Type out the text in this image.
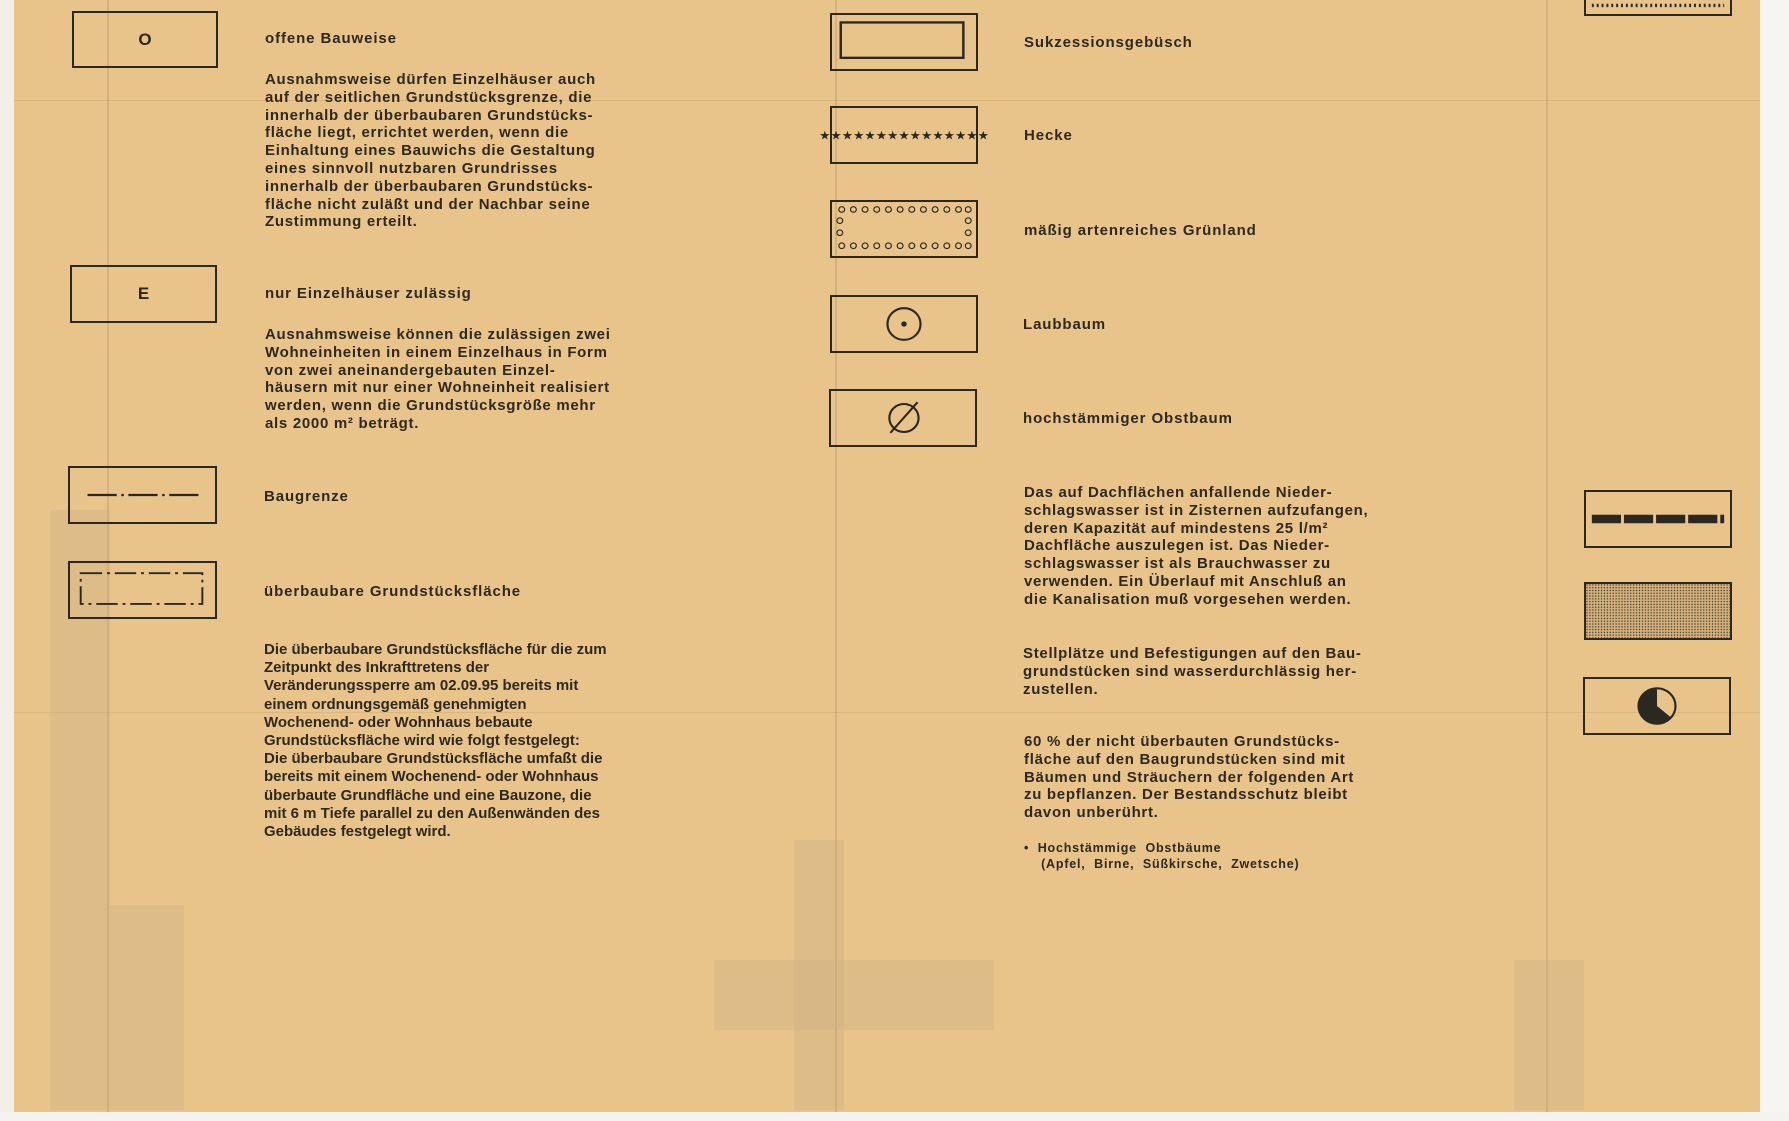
O	offene Bauweise
Ausnahmsweise dürfen Einzelhäuser auch
auf der seitlichen Grundstücksgrenze, die
innerhalb der überbaubaren Grundstücks-
fläche liegt, errichtet werden, wenn die
Einhaltung eines Bauwichs die Gestaltung
eines sinnvoll nutzbaren Grundrisses
innerhalb der überbaubaren Grundstücks-
fläche nicht zuläßt und der Nachbar seine
Zustimmung erteilt.
E	nur Einzelhäuser zulässig
Ausnahmsweise können die zulässigen zwei
Wohneinheiten in einem Einzelhaus in Form
von zwei aneinandergebauten Einzel-
häusern mit nur einer Wohneinheit realisiert
werden, wenn die Grundstücksgröße mehr
als 2000 m² beträgt.
Baugrenze
überbaubare Grundstücksfläche
Die überbaubare Grundstücksfläche für die zum
Zeitpunkt des Inkrafttretens der
Veränderungssperre am 02.09.95 bereits mit
einem ordnungsgemäß genehmigten
Wochenend- oder Wohnhaus bebaute
Grundstücksfläche wird wie folgt festgelegt:
Die überbaubare Grundstücksfläche umfaßt die
bereits mit einem Wochenend- oder Wohnhaus
überbaute Grundfläche und eine Bauzone, die
mit 6 m Tiefe parallel zu den Außenwänden des
Gebäudes festgelegt wird.
Sukzessionsgebüsch
★★★★★★★★★★★★★★★ Hecke
mäßig artenreiches Grünland
Laubbaum
hochstämmiger Obstbaum
Das auf Dachflächen anfallende Nieder-
schlagswasser ist in Zisternen aufzufangen,
deren Kapazität auf mindestens 25 l/m²
Dachfläche auszulegen ist. Das Nieder-
schlagswasser ist als Brauchwasser zu
verwenden. Ein Überlauf mit Anschluß an
die Kanalisation muß vorgesehen werden.
Stellplätze und Befestigungen auf den Bau-
grundstücken sind wasserdurchlässig her-
zustellen.
60 % der nicht überbauten Grundstücks-
fläche auf den Baugrundstücken sind mit
Bäumen und Sträuchern der folgenden Art
zu bepflanzen. Der Bestandsschutz bleibt
davon unberührt.
•  Hochstämmige  Obstbäume
(Apfel,  Birne,  Süßkirsche,  Zwetsche)
